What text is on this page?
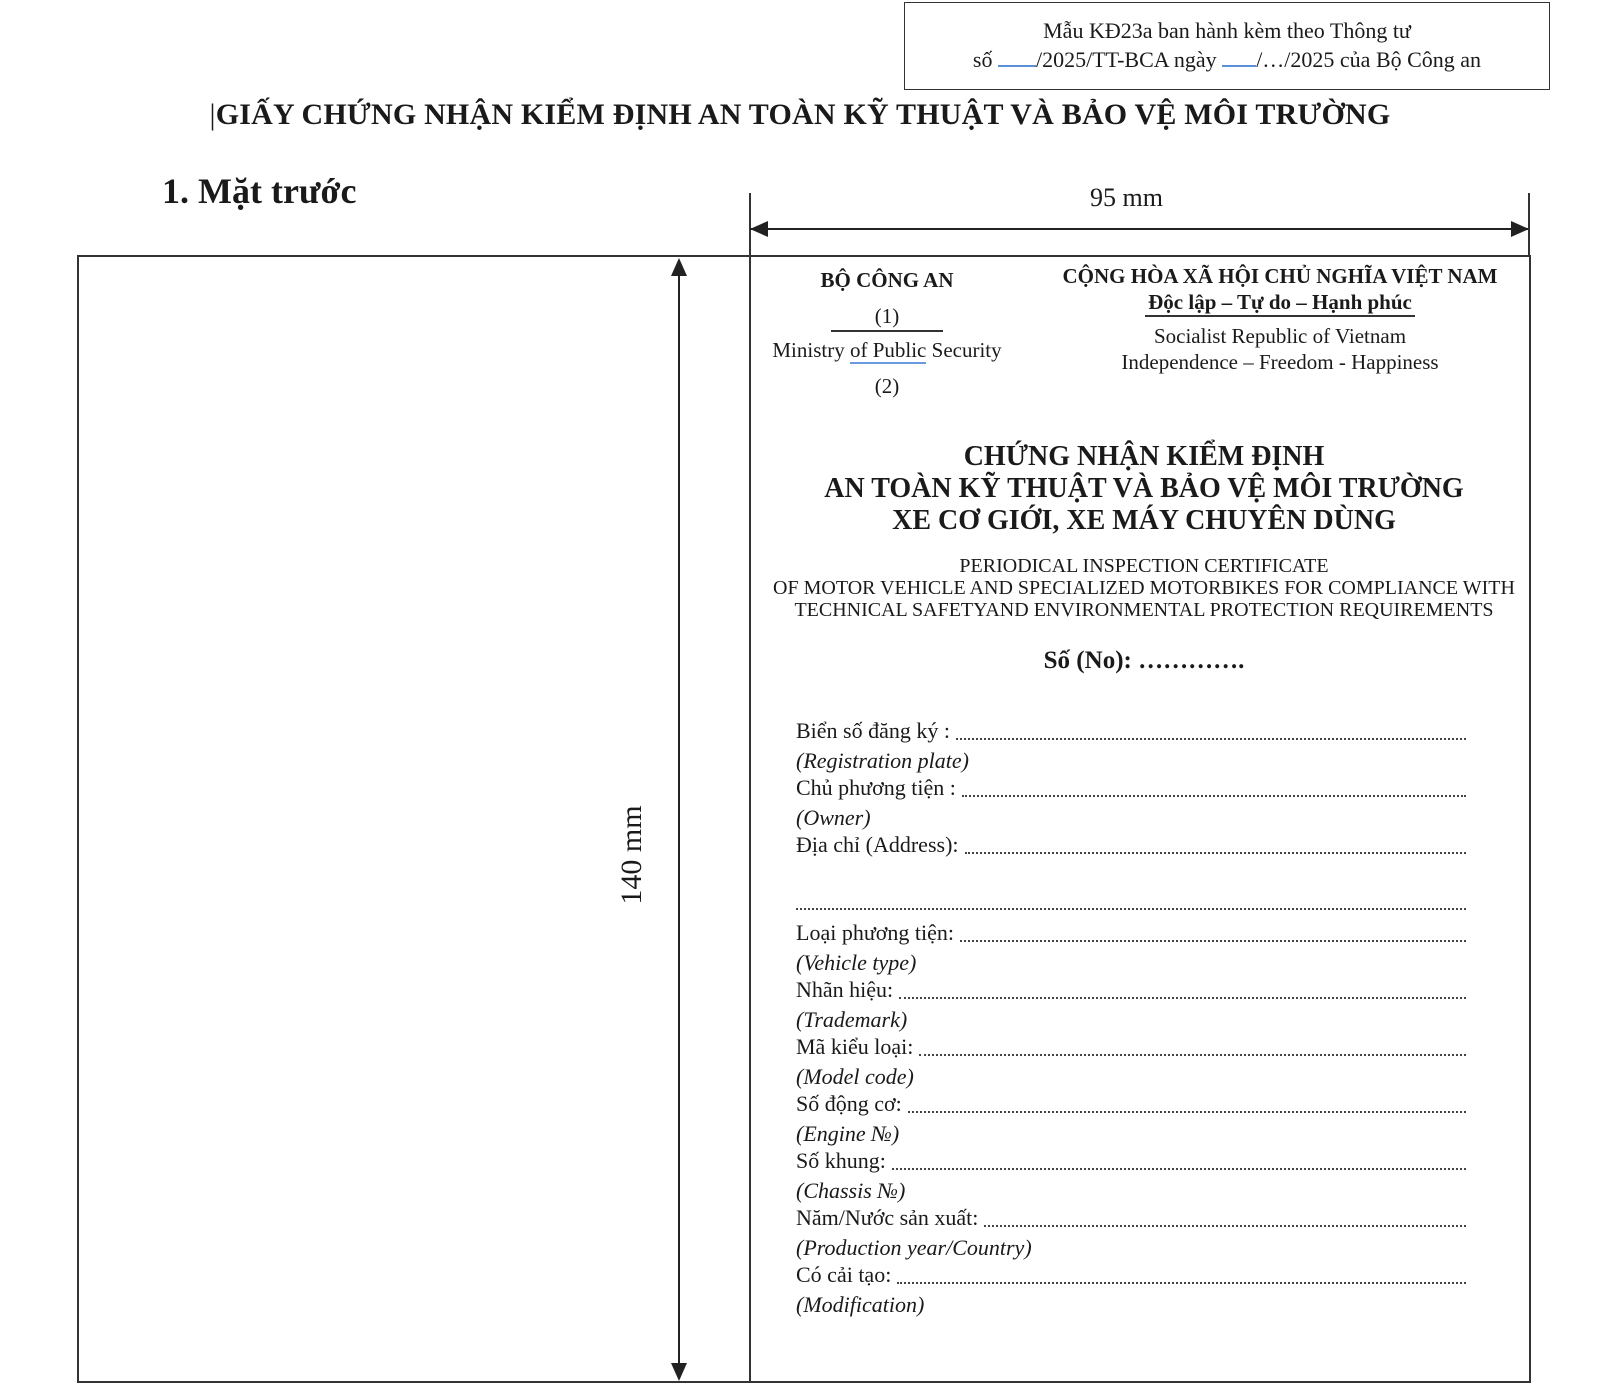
Mẫu KĐ23a ban hành kèm theo Thông tư
số /2025/TT-BCA ngày /…/2025 của Bộ Công an
|GIẤY CHỨNG NHẬN KIỂM ĐỊNH AN TOÀN KỸ THUẬT VÀ BẢO VỆ MÔI TRƯỜNG
1. Mặt trước	95 mm
140 mm
BỘ CÔNG AN
(1)
Ministry of Public Security
(2)
CỘNG HÒA XÃ HỘI CHỦ NGHĨA VIỆT NAM
Độc lập – Tự do – Hạnh phúc
Socialist Republic of Vietnam
Independence – Freedom - Happiness
CHỨNG NHẬN KIỂM ĐỊNH
AN TOÀN KỸ THUẬT VÀ BẢO VỆ MÔI TRƯỜNG
XE CƠ GIỚI, XE MÁY CHUYÊN DÙNG
PERIODICAL INSPECTION CERTIFICATE
OF MOTOR VEHICLE AND SPECIALIZED MOTORBIKES FOR COMPLIANCE WITH
TECHNICAL SAFETYAND ENVIRONMENTAL PROTECTION REQUIREMENTS
Số (No): ………….
Biển số đăng ký :
(Registration plate)
Chủ phương tiện :
(Owner)
Địa chỉ (Address):
Loại phương tiện:
(Vehicle type)
Nhãn hiệu:
(Trademark)
Mã kiểu loại:
(Model code)
Số động cơ:
(Engine №)
Số khung:
(Chassis №)
Năm/Nước sản xuất:
(Production year/Country)
Có cải tạo:
(Modification)
